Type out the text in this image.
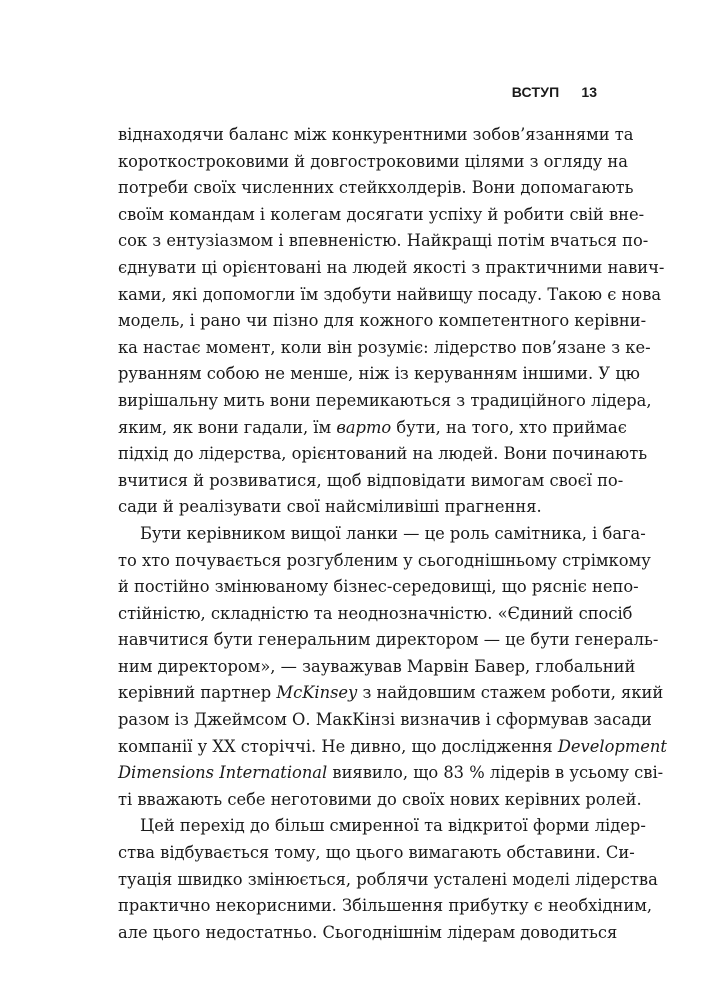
ВСТУП 13
віднаходячи баланс між конкурентними зобов’язаннями та
короткостроковими й довгостроковими цілями з огляду на
потреби своїх численних стейкхолдерів. Вони допомагають
своїм командам і колегам досягати успіху й робити свій вне-
сок з ентузіазмом і впевненістю. Найкращі потім вчаться по-
єднувати ці орієнтовані на людей якості з практичними навич-
ками, які допомогли їм здобути найвищу посаду. Такою є нова
модель, і рано чи пізно для кожного компетентного керівни-
ка настає момент, коли він розуміє: лідерство пов’язане з ке-
руванням собою не менше, ніж із керуванням іншими. У цю
вирішальну мить вони перемикаються з традиційного лідера,
яким, як вони гадали, їм варто бути, на того, хто приймає
підхід до лідерства, орієнтований на людей. Вони починають
вчитися й розвиватися, щоб відповідати вимогам своєї по-
сади й реалізувати свої найсміливіші прагнення.
Бути керівником вищої ланки — це роль самітника, і бага-
то хто почувається розгубленим у сьогоднішньому стрімкому
й постійно змінюваному бізнес-середовищі, що рясніє непо-
стійністю, складністю та неоднозначністю. «Єдиний спосіб
навчитися бути генеральним директором — це бути генераль-
ним директором», — зауважував Марвін Бавер, глобальний
керівний партнер McKinsey з найдовшим стажем роботи, який
разом із Джеймсом О. МакКінзі визначив і сформував засади
компанії у ХХ сторіччі. Не дивно, що дослідження Development
Dimensions International виявило, що 83 % лідерів в усьому сві-
ті вважають себе неготовими до своїх нових керівних ролей.
Цей перехід до більш смиренної та відкритої форми лідер-
ства відбувається тому, що цього вимагають обставини. Си-
туація швидко змінюється, роблячи усталені моделі лідерства
практично некорисними. Збільшення прибутку є необхідним,
але цього недостатньо. Сьогоднішнім лідерам доводиться
